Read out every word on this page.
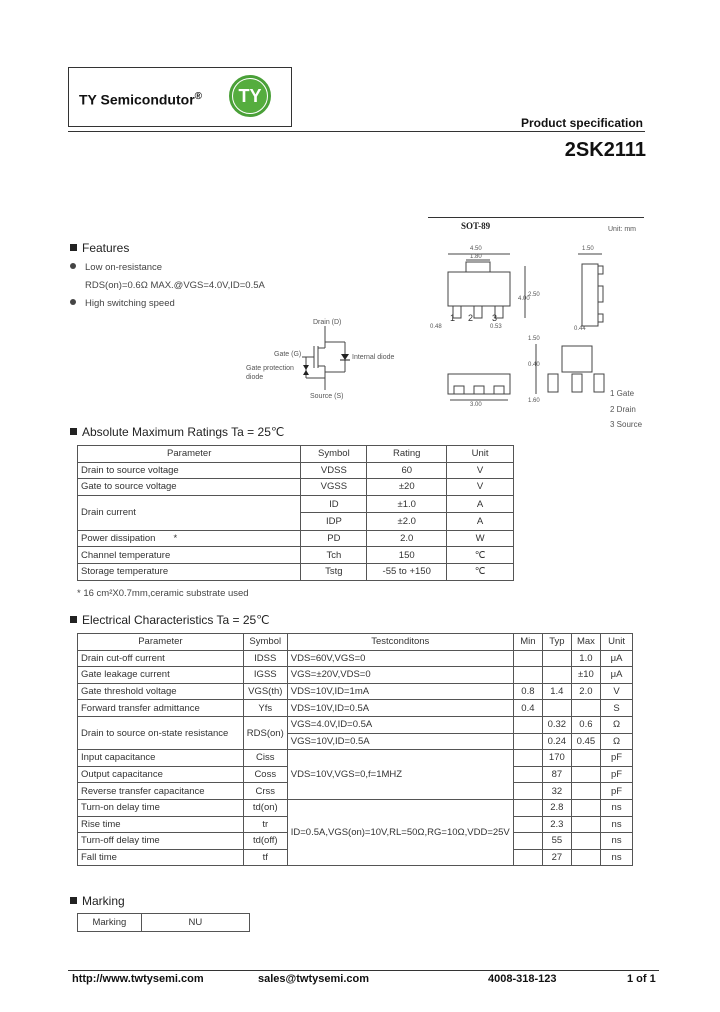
TY Semicondutor®	TY
Product specification
2SK2111
Features
Low on-resistance
RDS(on)=0.6Ω MAX.@VGS=4.0V,ID=0.5A
High switching speed
Drain (D)
Gate (G)
Gate protection
diode
Internal diode
Source (S)
SOT-89	Unit: mm
4.50
1.80
1.50
2.50
4.00
0.48	0.53	0.44
1.50
3.00
0.40
1.60
1 2 3
1 Gate
2 Drain
3 Source
Absolute Maximum Ratings Ta = 25℃
Parameter	Symbol	Rating	Unit
Drain to source voltage	VDSS	60	V
Gate to source voltage	VGSS	±20	V
Drain current	ID	±1.0	A
	IDP	±2.0	A
Power dissipation *	PD	2.0	W
Channel temperature	Tch	150	℃
Storage temperature	Tstg	-55 to +150	℃
* 16 cm²X0.7mm,ceramic substrate used
Electrical Characteristics Ta = 25℃
Parameter	Symbol	Testconditons	Min	Typ	Max	Unit
Drain cut-off current	IDSS	VDS=60V,VGS=0			1.0	μA
Gate leakage current	IGSS	VGS=±20V,VDS=0			±10	μA
Gate threshold voltage	VGS(th)	VDS=10V,ID=1mA	0.8	1.4	2.0	V
Forward transfer admittance	Yfs	VDS=10V,ID=0.5A	0.4			S
Drain to source on-state resistance	RDS(on)	VGS=4.0V,ID=0.5A		0.32	0.6	Ω
		VGS=10V,ID=0.5A		0.24	0.45	Ω
Input capacitance	Ciss	VDS=10V,VGS=0,f=1MHZ		170		pF
Output capacitance	Coss			87		pF
Reverse transfer capacitance	Crss			32		pF
Turn-on delay time	td(on)	ID=0.5A,VGS(on)=10V,RL=50Ω,RG=10Ω,VDD=25V		2.8		ns
Rise time	tr			2.3		ns
Turn-off delay time	td(off)			55		ns
Fall time	tf			27		ns
Marking
Marking	NU
http://www.twtysemi.com	sales@twtysemi.com	4008-318-123	1 of 1
